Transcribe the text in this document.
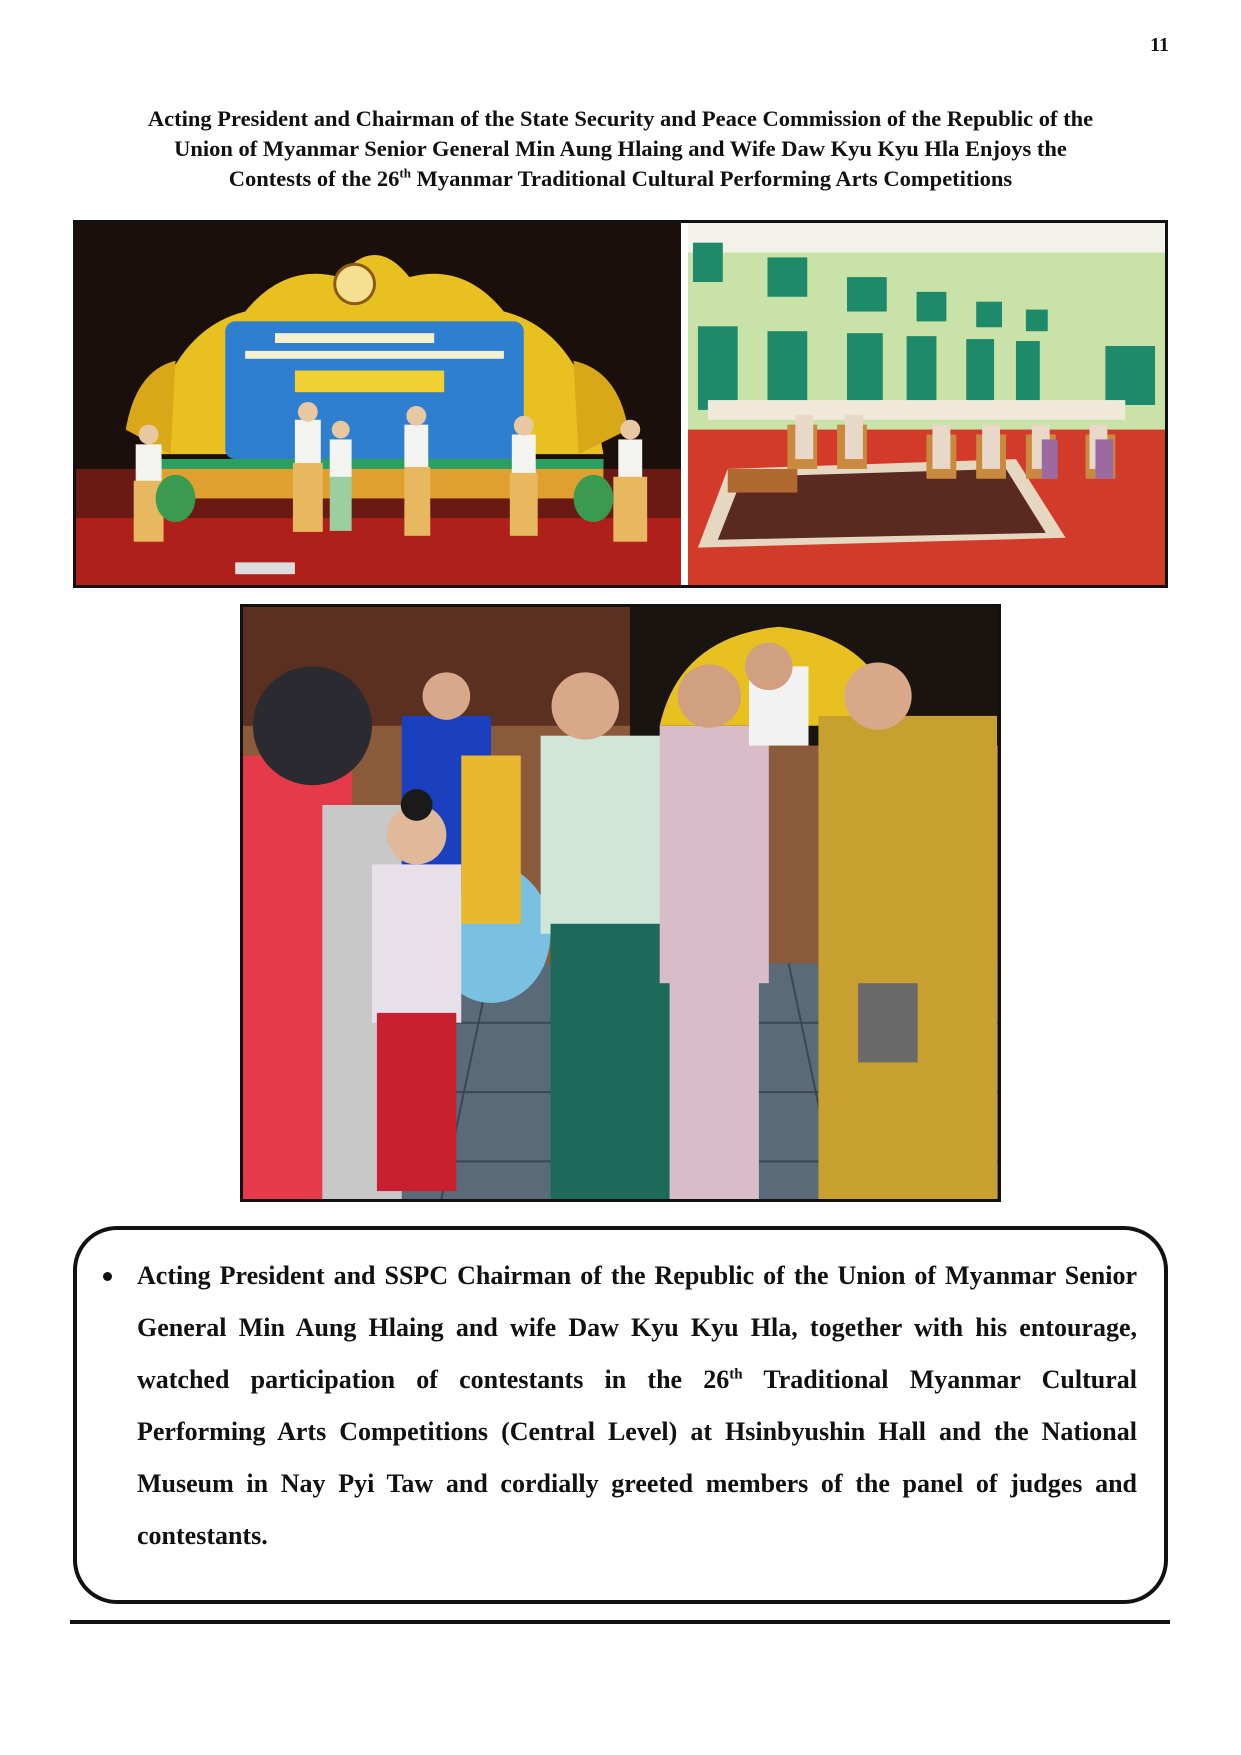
11
Acting President and Chairman of the State Security and Peace Commission of the Republic of the
Union of Myanmar Senior General Min Aung Hlaing and Wife Daw Kyu Kyu Hla Enjoys the
Contests of the 26th Myanmar Traditional Cultural Performing Arts Competitions
Acting President and SSPC Chairman of the Republic of the Union of Myanmar Senior General Min Aung Hlaing and wife Daw Kyu Kyu Hla, together with his entourage, watched participation of contestants in the 26th Traditional Myanmar Cultural Performing Arts Competitions (Central Level) at Hsinbyushin Hall and the National Museum in Nay Pyi Taw and cordially greeted members of the panel of judges and contestants.
